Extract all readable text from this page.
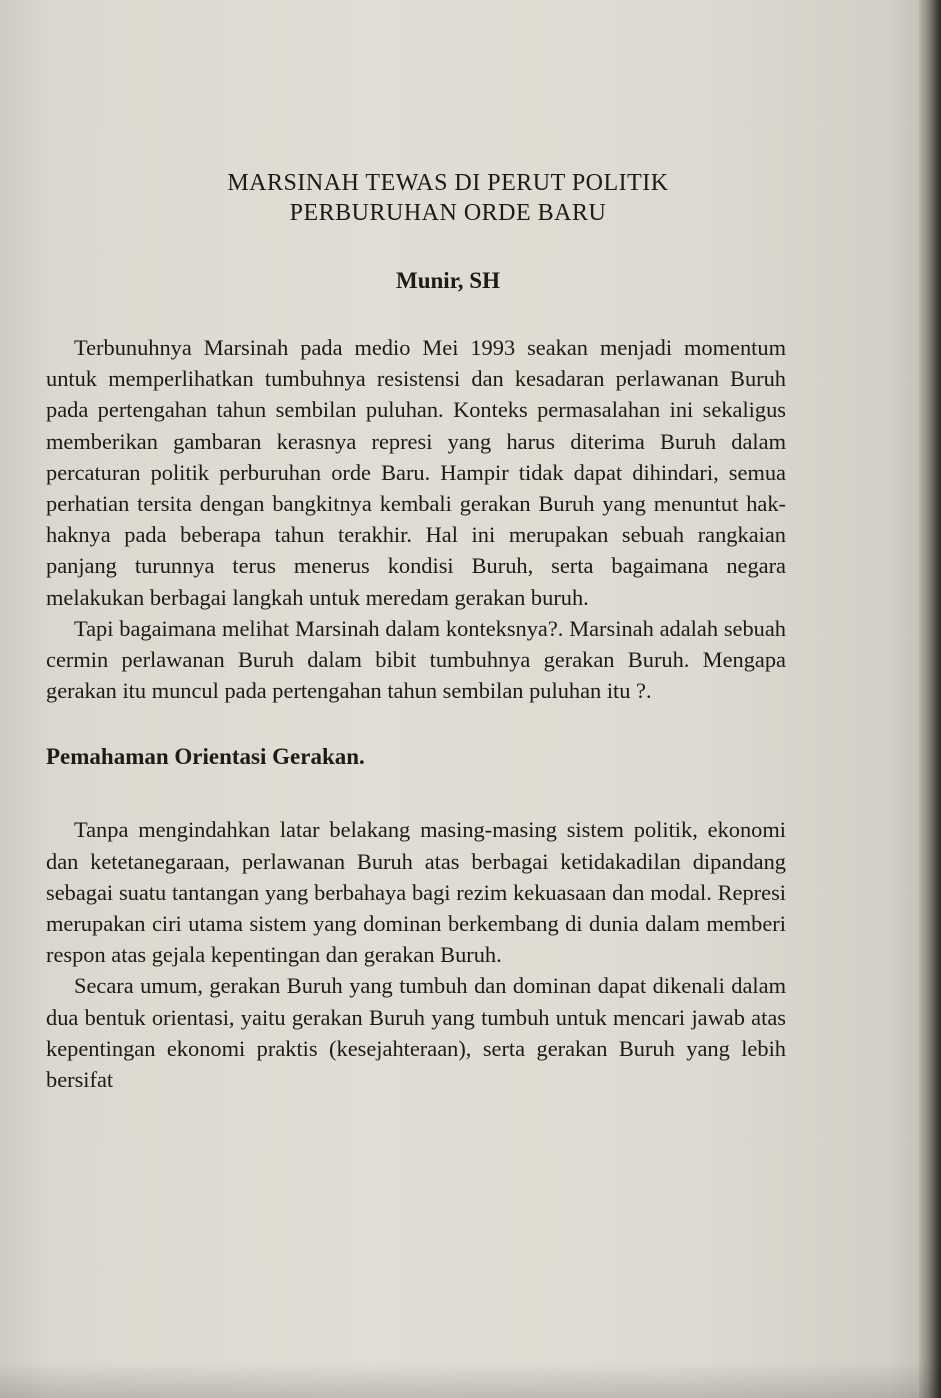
MARSINAH TEWAS DI PERUT POLITIK
PERBURUHAN ORDE BARU
Munir, SH

Terbunuhnya Marsinah pada medio Mei 1993 seakan menjadi momentum untuk memperlihatkan tumbuhnya resistensi dan kesadaran perlawanan Buruh pada pertengahan tahun sembilan puluhan. Konteks permasalahan ini sekaligus memberikan gambaran kerasnya represi yang harus diterima Buruh dalam percaturan politik perburuhan orde Baru. Hampir tidak dapat dihindari, semua perhatian tersita dengan bangkitnya kembali gerakan Buruh yang menuntut hak-haknya pada beberapa tahun terakhir. Hal ini merupakan sebuah rangkaian panjang turunnya terus menerus kondisi Buruh, serta bagaimana negara melakukan berbagai langkah untuk meredam gerakan buruh.

Tapi bagaimana melihat Marsinah dalam konteksnya?. Marsinah adalah sebuah cermin perlawanan Buruh dalam bibit tumbuhnya gerakan Buruh. Mengapa gerakan itu muncul pada pertengahan tahun sembilan puluhan itu ?.

Pemahaman Orientasi Gerakan.

Tanpa mengindahkan latar belakang masing-masing sistem politik, ekonomi dan ketetanegaraan, perlawanan Buruh atas berbagai ketidakadilan dipandang sebagai suatu tantangan yang berbahaya bagi rezim kekuasaan dan modal. Represi merupakan ciri utama sistem yang dominan berkembang di dunia dalam memberi respon atas gejala kepentingan dan gerakan Buruh.

Secara umum, gerakan Buruh yang tumbuh dan dominan dapat dikenali dalam dua bentuk orientasi, yaitu gerakan Buruh yang tumbuh untuk mencari jawab atas kepentingan ekonomi praktis (kesejahteraan), serta gerakan Buruh yang lebih bersifat
